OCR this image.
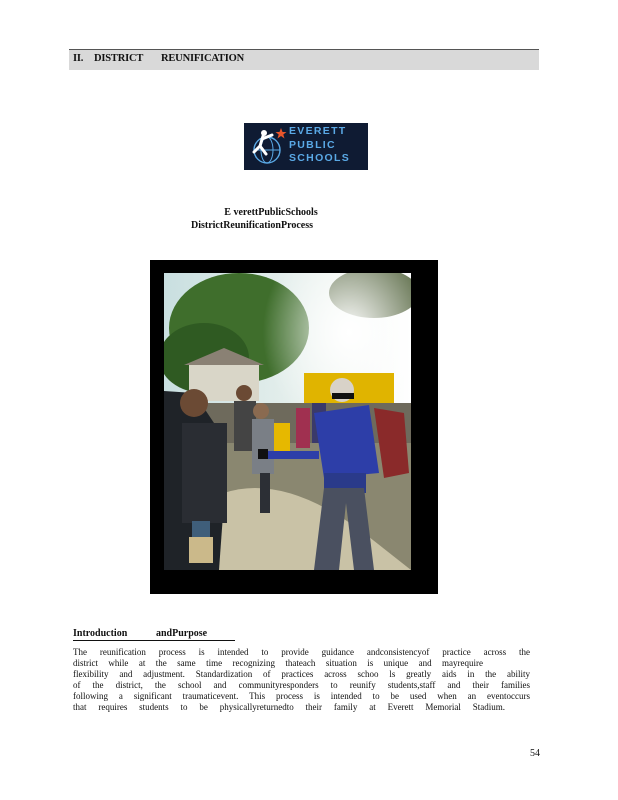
II. DISTRICT REUNIFICATION
EVERETT
PUBLIC
SCHOOLS
E verettPublicSchools
DistrictReunificationProcess
Introduction	andPurpose
The reunification process is intended to provide guidance andconsistencyof practice across the
district while at the same time recognizing thateach situation is unique and mayrequire
flexibility and adjustment. Standardization of practices across schoo ls greatly aids in the ability
of the district, the school and communityresponders to reunify students,staff and their families
following a significant traumaticevent. This process is intended to be used when an eventoccurs
that requires students to be physicallyreturnedto their family at Everett Memorial Stadium.
54
